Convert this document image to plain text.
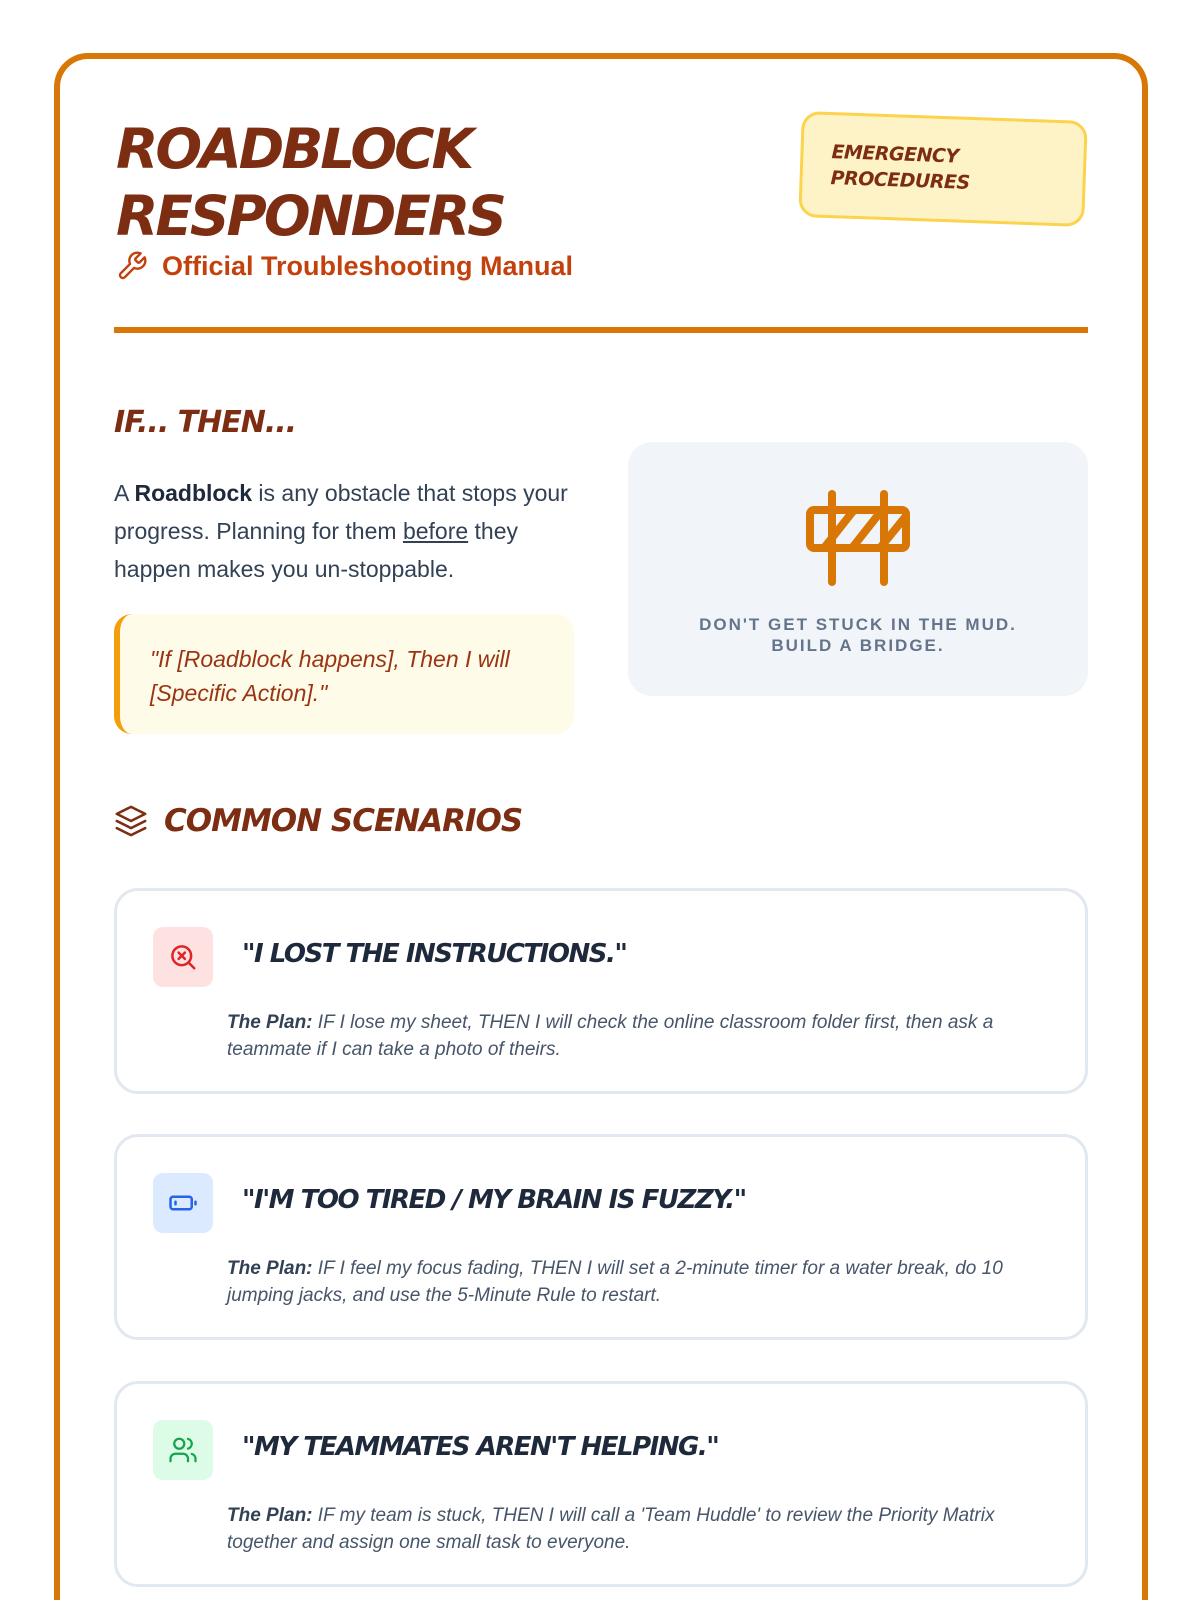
ROADBLOCK
RESPONDERS
Official Troubleshooting Manual
EMERGENCY
PROCEDURES
IF... THEN...

A Roadblock is any obstacle that stops your progress. Planning for them before they happen makes you un-stoppable.

"If [Roadblock happens], Then I will [Specific Action]."
DON'T GET STUCK IN THE MUD.
BUILD A BRIDGE.
COMMON SCENARIOS
"I LOST THE INSTRUCTIONS."

The Plan: IF I lose my sheet, THEN I will check the online classroom folder first, then ask a teammate if I can take a photo of theirs.

"I'M TOO TIRED / MY BRAIN IS FUZZY."

The Plan: IF I feel my focus fading, THEN I will set a 2-minute timer for a water break, do 10 jumping jacks, and use the 5-Minute Rule to restart.

"MY TEAMMATES AREN'T HELPING."

The Plan: IF my team is stuck, THEN I will call a 'Team Huddle' to review the Priority Matrix together and assign one small task to everyone.
